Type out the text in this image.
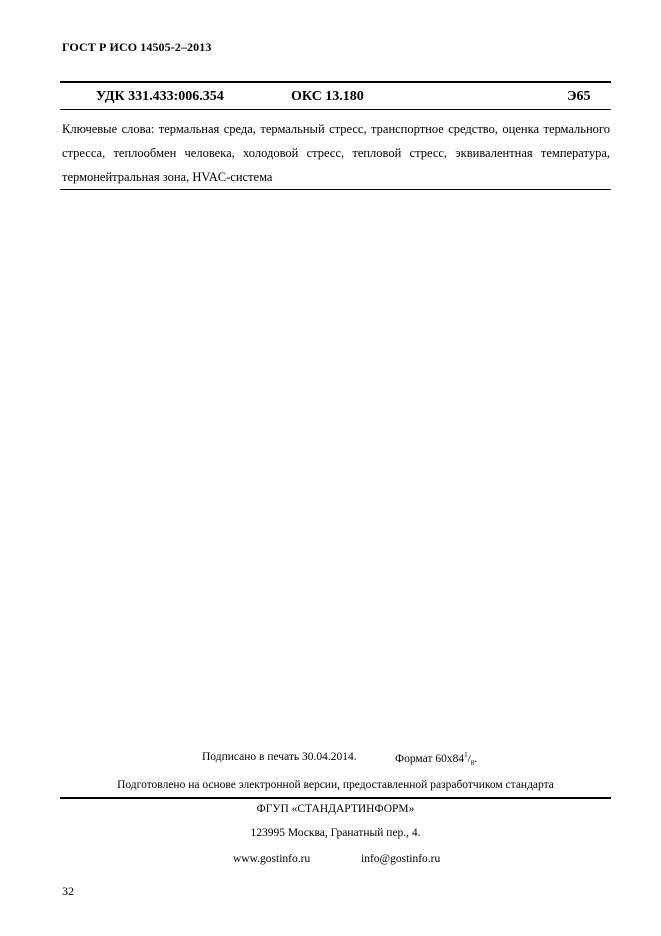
ГОСТ Р ИСО 14505-2–2013
УДК 331.433:006.354	ОКС 13.180	Э65
Ключевые слова: термальная среда, термальный стресс, транспортное средство, оценка термального стресса, теплообмен человека, холодовой стресс, тепловой стресс, эквивалентная температура, термонейтральная зона, HVAC-система
Подписано в печать 30.04.2014.	Формат $60x84^1/_8$.
Подготовлено на основе электронной версии, предоставленной разработчиком стандарта
ФГУП «СТАНДАРТИНФОРМ»
123995 Москва, Гранатный пер., 4.
www.gostinfo.ru	info@gostinfo.ru
32
